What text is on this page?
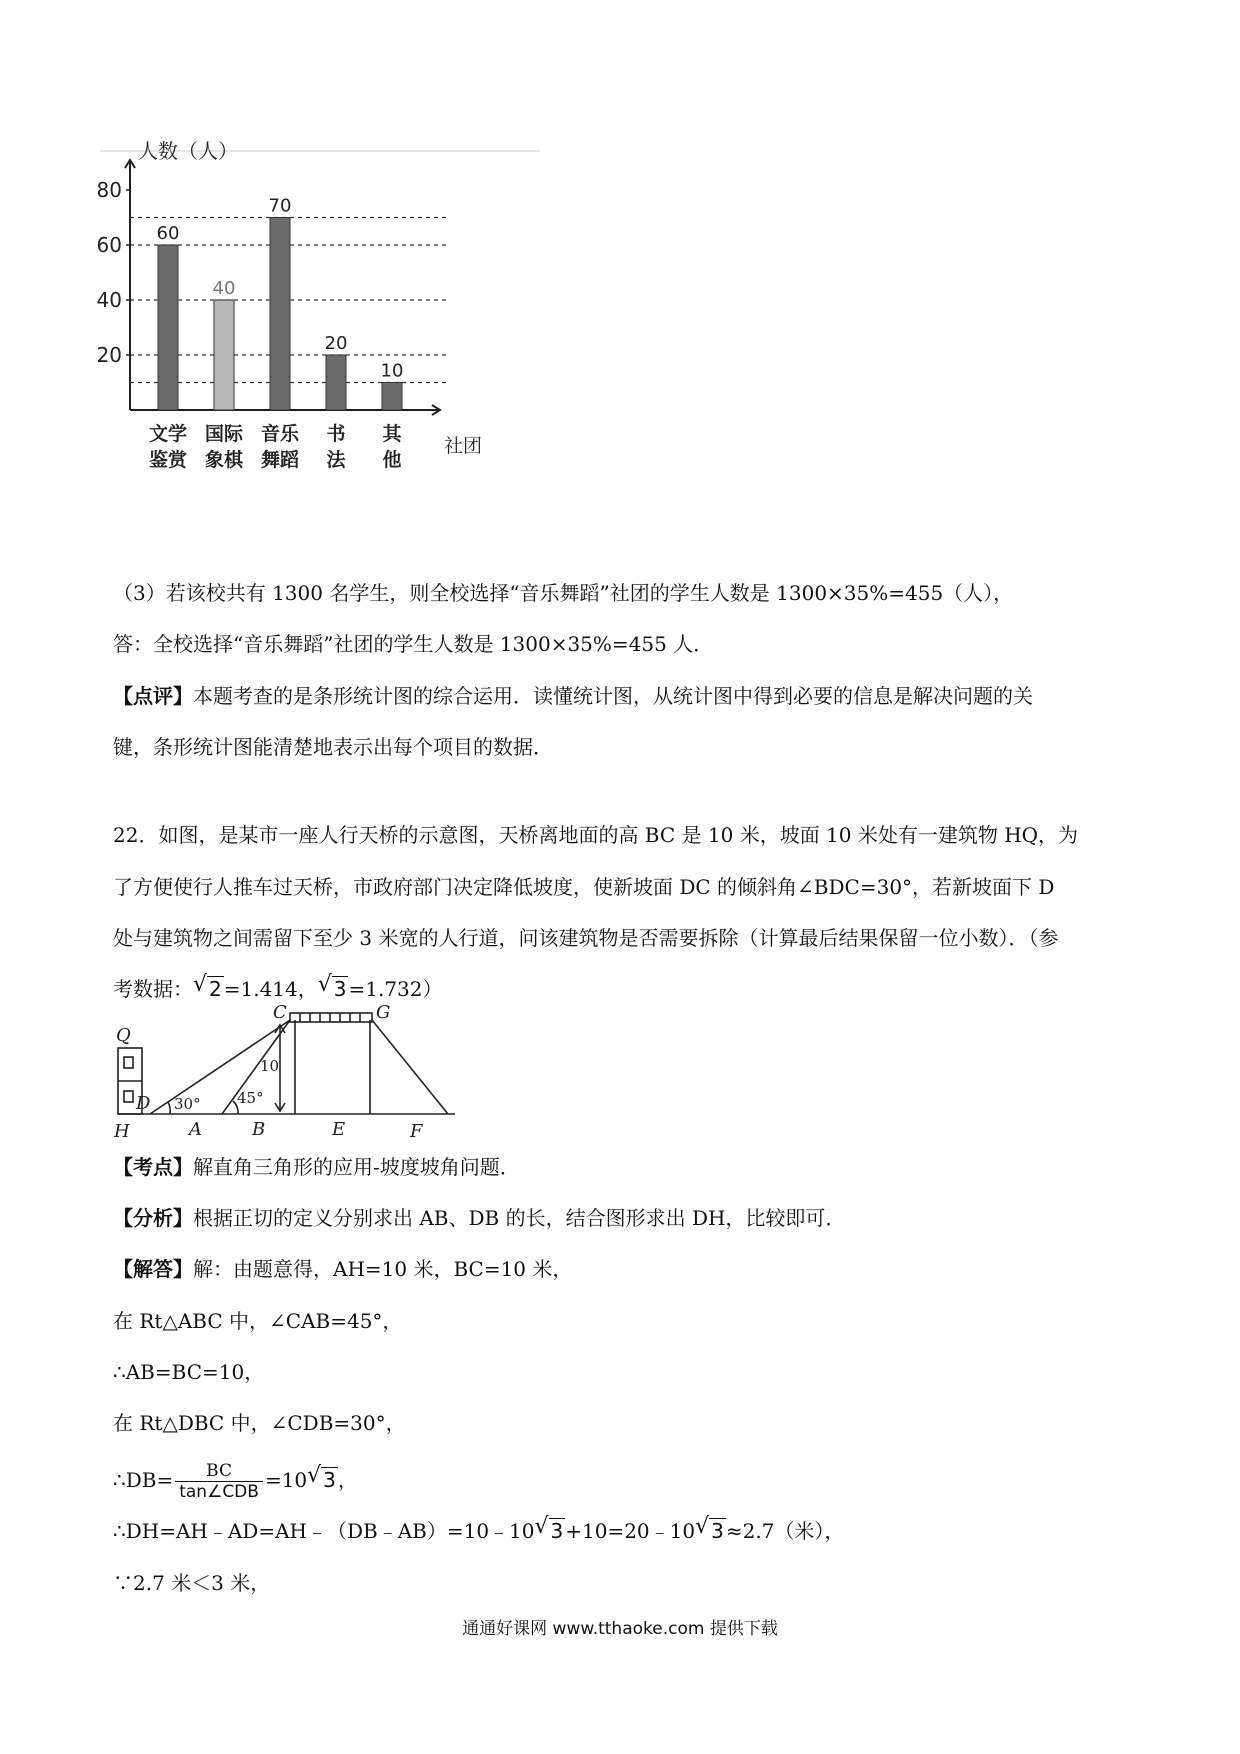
20
40
60
80
人数（人）
社团
60
文学
鉴赏
40
国际
象棋
70
音乐
舞蹈
20
书
法
10
其
他
（3）若该校共有 1300 名学生，则全校选择“音乐舞蹈”社团的学生人数是 1300×35%=455（人），
答：全校选择“音乐舞蹈”社团的学生人数是 1300×35%=455 人．
【点评】本题考查的是条形统计图的综合运用．读懂统计图，从统计图中得到必要的信息是解决问题的关
键，条形统计图能清楚地表示出每个项目的数据．
22．如图，是某市一座人行天桥的示意图，天桥离地面的高 BC 是 10 米，坡面 10 米处有一建筑物 HQ，为
了方便使行人推车过天桥，市政府部门决定降低坡度，使新坡面 DC 的倾斜角∠BDC=30°，若新坡面下 D
处与建筑物之间需留下至少 3 米宽的人行道，问该建筑物是否需要拆除（计算最后结果保留一位小数）．（参
考数据： √ 2 =1.414， √ 3 =1.732）
Q
C	G
D
H	A	B	E	F
10
30° 45°
【考点】解直角三角形的应用-坡度坡角问题．
【分析】根据正切的定义分别求出 AB、DB 的长，结合图形求出 DH，比较即可．
【解答】解：由题意得，AH=10 米，BC=10 米，
在 Rt△ABC 中，∠CAB=45°，
∴AB=BC=10，
在 Rt△DBC 中，∠CDB=30°，
∴DB= $\frac{BC}{\text{tan∠CDB}} =10$ √ 3 ，
∴DH=AH﹣AD=AH﹣（DB﹣AB）=10﹣10 √ 3 +10=20﹣10 √ 3 ≈2.7（米），
∵2.7 米＜3 米，
通通好课网 www.tthaoke.com 提供下载
